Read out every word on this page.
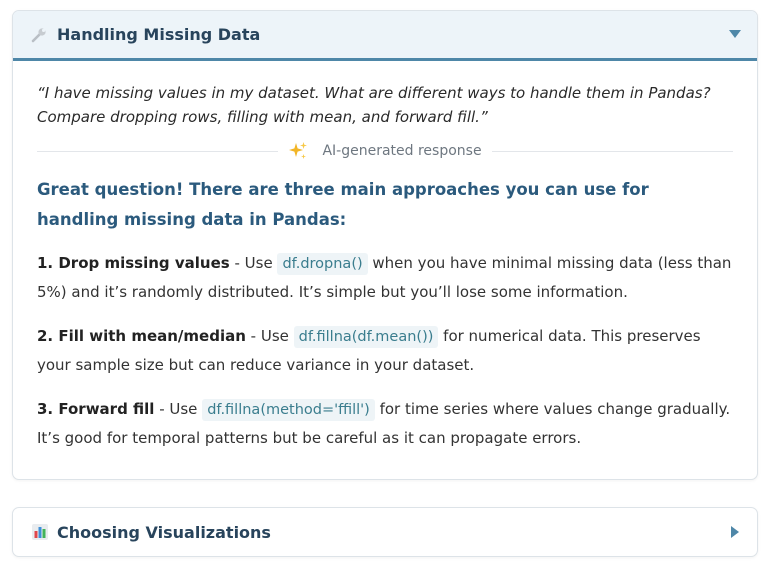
Handling Missing Data

“I have missing values in my dataset. What are different ways to handle them in Pandas? Compare dropping rows, filling with mean, and forward fill.”

AI-generated response

Great question! There are three main approaches you can use for handling missing data in Pandas:

1. Drop missing values - Use df.dropna() when you have minimal missing data (less than 5%) and it’s randomly distributed. It’s simple but you’ll lose some information.

2. Fill with mean/median - Use df.fillna(df.mean()) for numerical data. This preserves your sample size but can reduce variance in your dataset.

3. Forward fill - Use df.fillna(method='ffill') for time series where values change gradually. It’s good for temporal patterns but be careful as it can propagate errors.

Choosing Visualizations
